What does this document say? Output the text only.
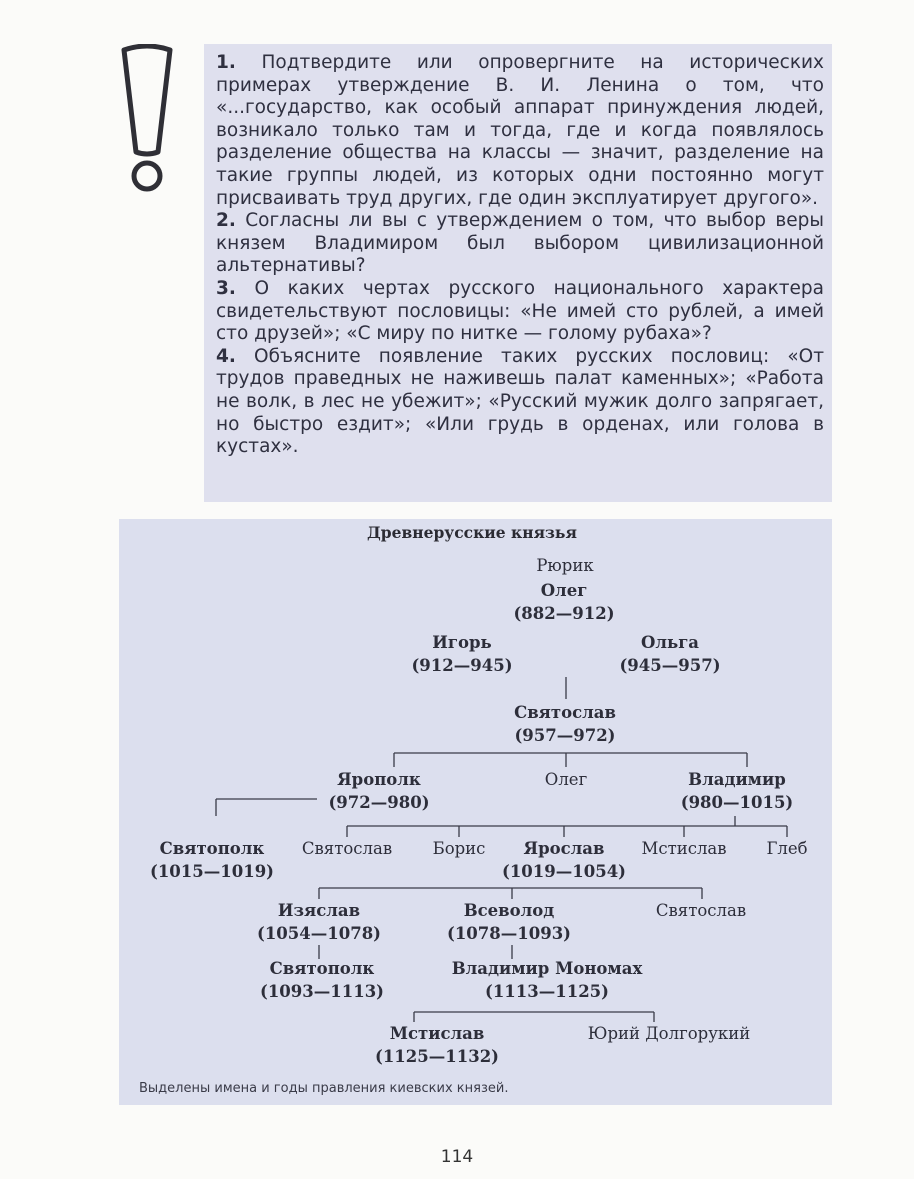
1. Подтвердите или опровергните на исторических примерах утверждение В. И. Ленина о том, что «...государство, как особый аппарат принуждения людей, возникало только там и тогда, где и когда появлялось разделение общества на классы — значит, разделение на такие группы людей, из которых одни постоянно могут присваивать труд других, где один эксплуатирует другого».

2. Согласны ли вы с утверждением о том, что выбор веры князем Владимиром был выбором цивилизационной альтернативы?

3. О каких чертах русского национального характера свидетельствуют пословицы: «Не имей сто рублей, а имей сто друзей»; «С миру по нитке — голому рубаха»?

4. Объясните появление таких русских пословиц: «От трудов праведных не наживешь палат каменных»; «Работа не волк, в лес не убежит»; «Русский мужик долго запрягает, но быстро ездит»; «Или грудь в орденах, или голова в кустах».

Древнерусские князья
Рюрик
Олег
(882—912)
Игорь
(912—945)
Ольга
(945—957)
Святослав
(957—972)
Ярополк
(972—980)
Олег	Владимир
(980—1015)
Святополк
(1015—1019)
Святослав Борис	Ярослав
(1019—1054)
Мстислав Глеб
Изяслав
(1054—1078)
Всеволод
(1078—1093)
Святослав
Святополк
(1093—1113)
Владимир Мономах
(1113—1125)
Мстислав
(1125—1132)
Юрий Долгорукий
Выделены имена и годы правления киевских князей.
114
